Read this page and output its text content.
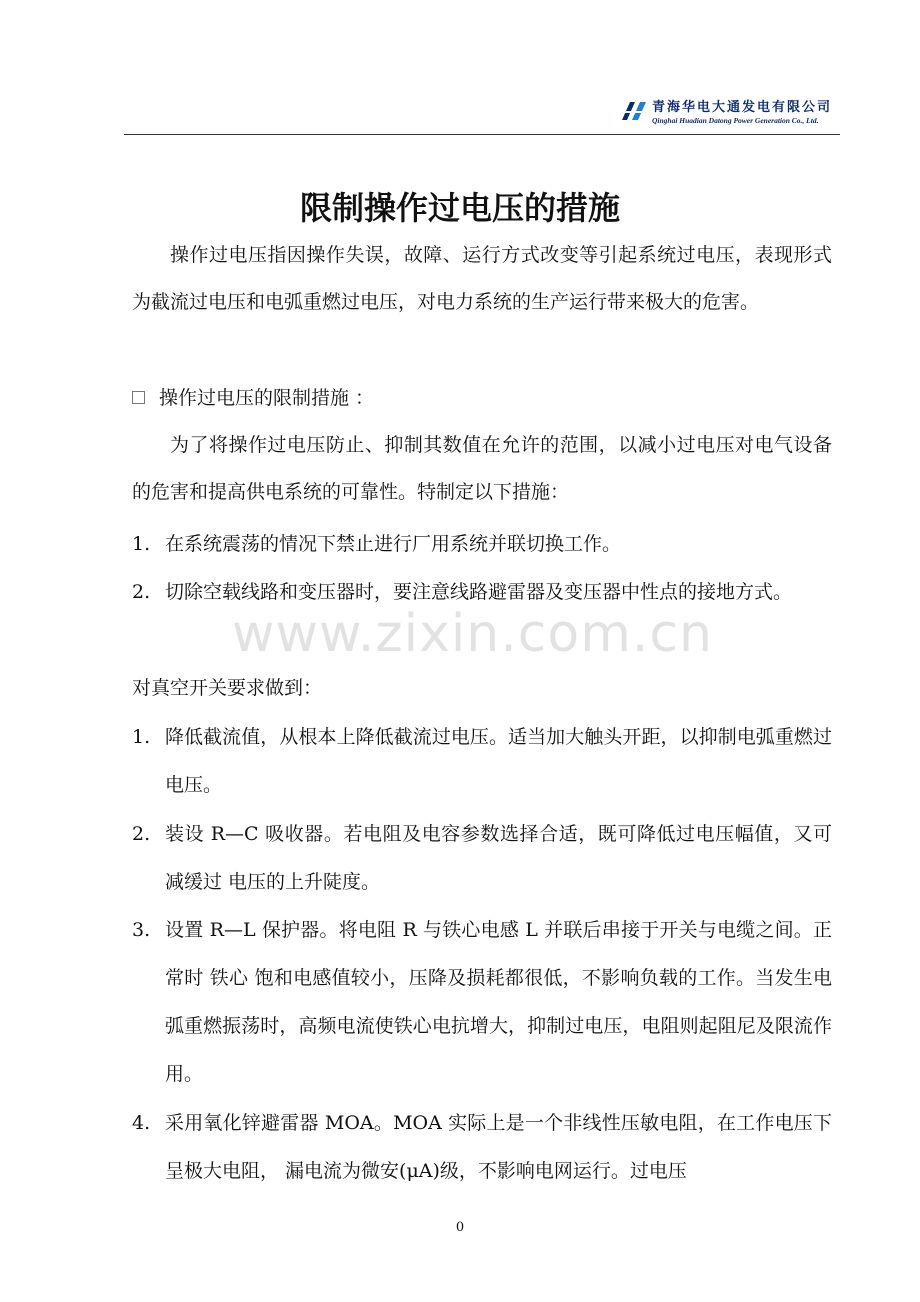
青海华电大通发电有限公司
Qinghai Huadian Datong Power Generation Co., Ltd.
限制操作过电压的措施
操作过电压指因操作失误，故障、运行方式改变等引起系统过电压，表现形式为截流过电压和电弧重燃过电压，对电力系统的生产运行带来极大的危害。
操作过电压的限制措施 ：
为了将操作过电压防止、抑制其数值在允许的范围，以减小过电压对电气设备的危害和提高供电系统的可靠性。特制定以下措施：
1. 在系统震荡的情况下禁止进行厂用系统并联切换工作。
2. 切除空载线路和变压器时，要注意线路避雷器及变压器中性点的接地方式。
对真空开关要求做到：
1. 降低截流值，从根本上降低截流过电压。适当加大触头开距，以抑制电弧重燃过电压。
2. 装设 R—C 吸收器。若电阻及电容参数选择合适，既可降低过电压幅值，又可减缓过 电压的上升陡度。
3. 设置 R—L 保护器。将电阻 R 与铁心电感 L 并联后串接于开关与电缆之间。正常时 铁心 饱和电感值较小，压降及损耗都很低，不影响负载的工作。当发生电弧重燃振荡时，高频电流使铁心电抗增大，抑制过电压，电阻则起阻尼及限流作用。
4. 采用氧化锌避雷器 MOA。MOA 实际上是一个非线性压敏电阻，在工作电压下呈极大电阻， 漏电流为微安(μA)级，不影响电网运行。过电压
www.zixin.com.cn
0
